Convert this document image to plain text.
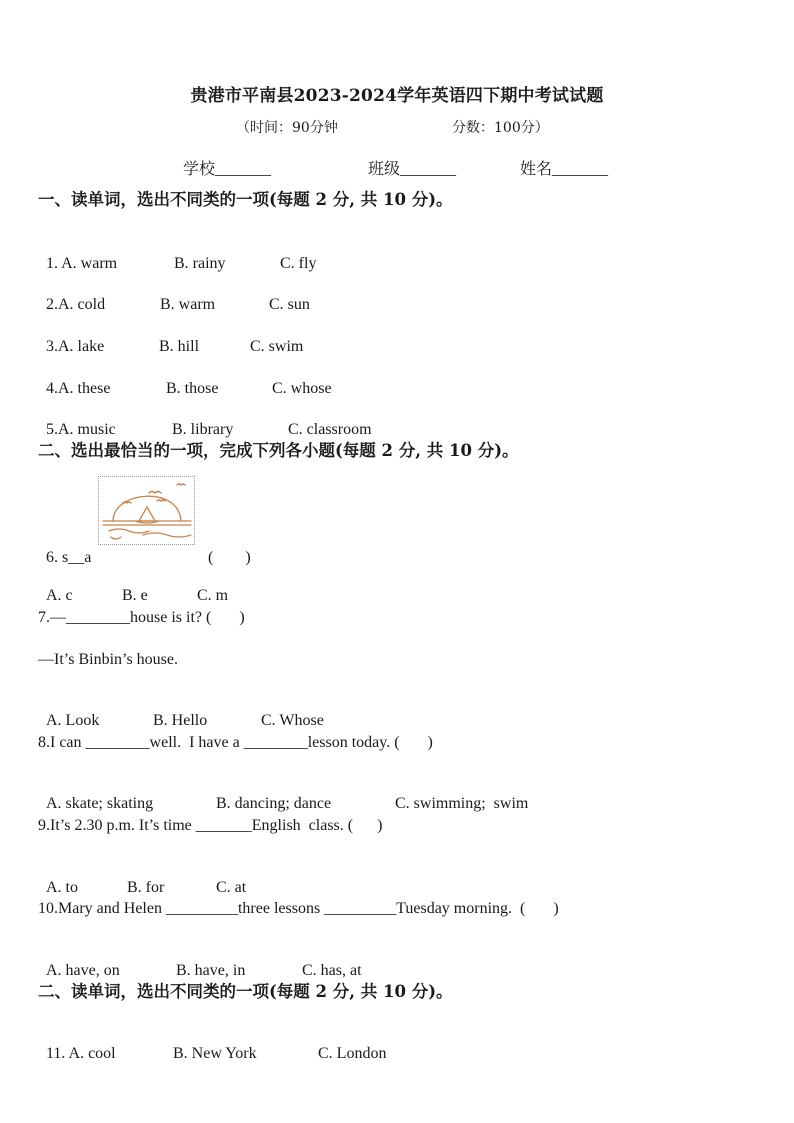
贵港市平南县2023-2024学年英语四下期中考试试题
（时间：90分钟	分数：100分）
学校_______	班级_______	姓名_______
一、读单词，选出不同类的一项(每题 2 分, 共 10 分)。

1. A. warm	B. rainy	C. fly

2.A. cold	B. warm	C. sun

3.A. lake	B. hill	C. swim

4.A. these	B. those	C. whose

5.A. music	B. library	C. classroom

二、选出最恰当的一项，完成下列各小题(每题 2 分, 共 10 分)。

6. s__a	(        )

A. c	B. e	C. m

7.—________house is it? (       )
—It’s Binbin’s house.

A. Look	B. Hello	C. Whose

8.I can ________well.  I have a ________lesson today. (       )

A. skate; skating	B. dancing; dance	C. swimming;  swim

9.It’s 2.30 p.m. It’s time _______English  class. (      )

A. to	B. for	C. at

10.Mary and Helen _________three lessons _________Tuesday morning.  (       )

A. have, on	B. have, in	C. has, at

二、读单词，选出不同类的一项(每题 2 分, 共 10 分)。

11. A. cool	B. New York	C. London
